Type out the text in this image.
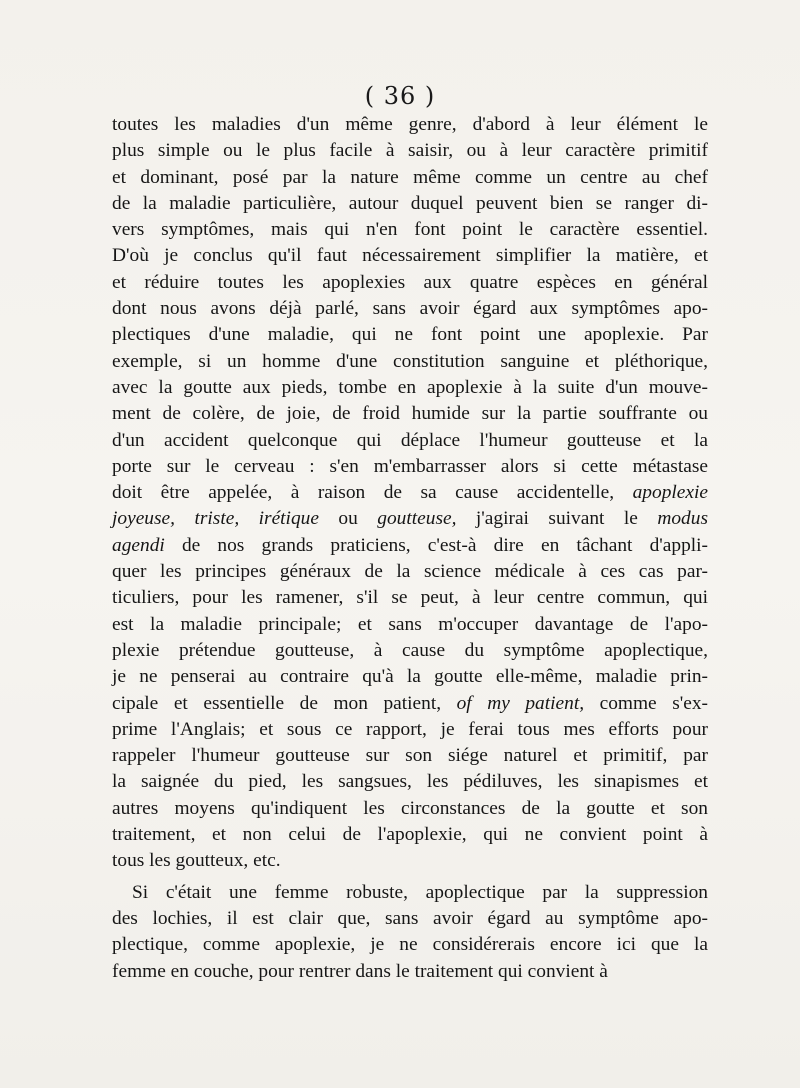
( 36 )
toutes les maladies d'un même genre, d'abord à leur élément le
plus simple ou le plus facile à saisir, ou à leur caractère primitif
et dominant, posé par la nature même comme un centre au chef
de la maladie particulière, autour duquel peuvent bien se ranger di-
vers symptômes, mais qui n'en font point le caractère essentiel.
D'où je conclus qu'il faut nécessairement simplifier la matière, et
et réduire toutes les apoplexies aux quatre espèces en général
dont nous avons déjà parlé, sans avoir égard aux symptômes apo-
plectiques d'une maladie, qui ne font point une apoplexie. Par
exemple, si un homme d'une constitution sanguine et pléthorique,
avec la goutte aux pieds, tombe en apoplexie à la suite d'un mouve-
ment de colère, de joie, de froid humide sur la partie souffrante ou
d'un accident quelconque qui déplace l'humeur goutteuse et la
porte sur le cerveau : s'en m'embarrasser alors si cette métastase
doit être appelée, à raison de sa cause accidentelle, apoplexie
joyeuse, triste, irétique ou goutteuse, j'agirai suivant le modus
agendi de nos grands praticiens, c'est-à dire en tâchant d'appli-
quer les principes généraux de la science médicale à ces cas par-
ticuliers, pour les ramener, s'il se peut, à leur centre commun, qui
est la maladie principale; et sans m'occuper davantage de l'apo-
plexie prétendue goutteuse, à cause du symptôme apoplectique,
je ne penserai au contraire qu'à la goutte elle-même, maladie prin-
cipale et essentielle de mon patient, of my patient, comme s'ex-
prime l'Anglais; et sous ce rapport, je ferai tous mes efforts pour
rappeler l'humeur goutteuse sur son siége naturel et primitif, par
la saignée du pied, les sangsues, les pédiluves, les sinapismes et
autres moyens qu'indiquent les circonstances de la goutte et son
traitement, et non celui de l'apoplexie, qui ne convient point à
tous les goutteux, etc.
Si c'était une femme robuste, apoplectique par la suppression
des lochies, il est clair que, sans avoir égard au symptôme apo-
plectique, comme apoplexie, je ne considérerais encore ici que la
femme en couche, pour rentrer dans le traitement qui convient à
